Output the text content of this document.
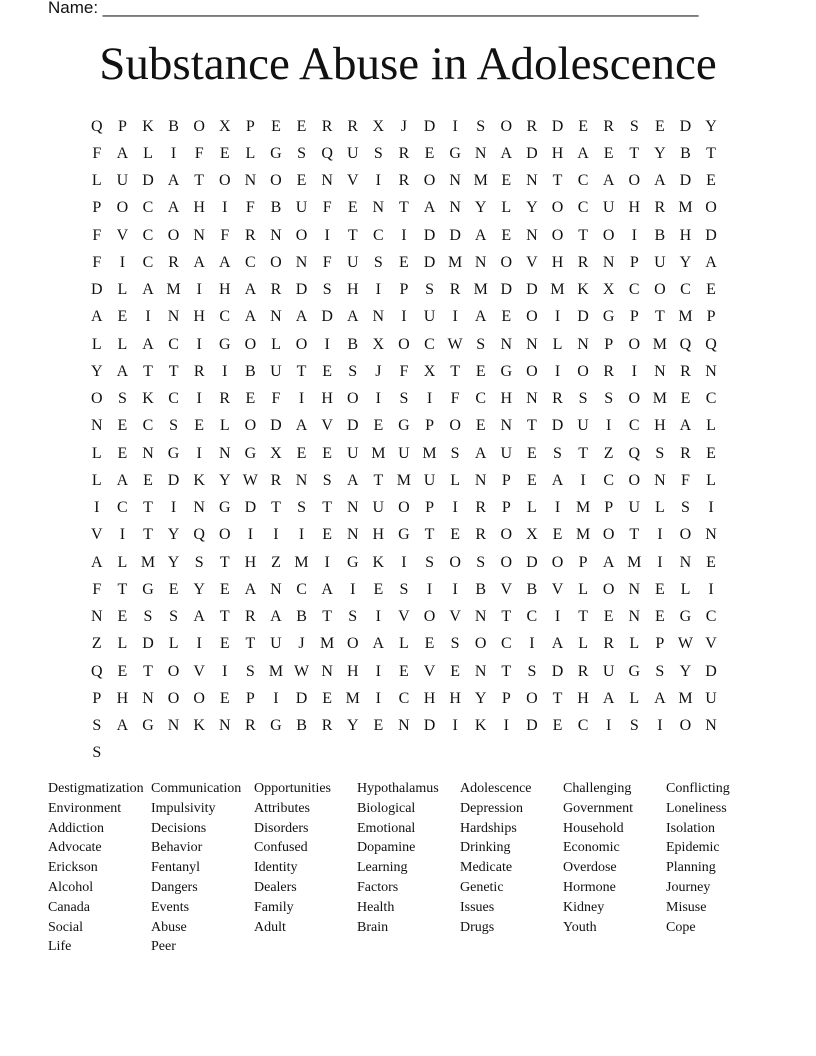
Name: _______________________________________________________________
Substance Abuse in Adolescence
Q P K B O X P	E E R R X	J	D	I	S O R D E R S	E D Y
F A L	I	F	E L G S Q U S R E G N A D H A E T Y B T
L U D A T O N O E N V	I	R O N M E N T C A O A D E
P O C A H	I	F B U F	E N T A N Y L Y O C U H R M O
F V C O N F R N O	I	T C	I	D D A E N O T O	I	B H D
F	I	C R A A C O N F U S	E D M N O V H R N P U Y A
D L A M I	H A R D S H	I	P	S R M D D M K X C O C E
A E	I	N H C A N A D A N	I	U	I	A E O	I	D G P	T M P
L L A C	I	G O L O	I	B X O C W S N N L N P O M Q Q
Y A T T R	I	B U T E	S	J	F X T E G O	I	O R	I	N R N
O S K C	I	R E	F	I	H O	I	S	I	F C H N R S	S O M E C
N E C S	E L O D A V D E G P O E N T D U	I	C H A L
L E N G	I	N G X E E U M U M S A U E	S	T Z Q S R E
L A E D K Y W R N S A T M U L N P	E A	I	C O N F	L
I	C T	I	N G D T	S	T N U O P	I	R P	L	I M P U L	S	I
V	I	T Y Q O	I	I	I	E N H G T E R O X E M O T	I	O N
A L M Y S	T H Z M I	G K	I	S O S O D O P A M I	N E
F	T G E Y E A N C A	I	E	S	I	I	B V B V L O N E L	I
N E	S	S A T R A B T	S	I	V O V N T C	I	T E N E G C
Z L D L	I	E T U	J M O A L E	S O C	I	A L R L	P W V
Q E T O V	I	S M W N H	I	E V E N T	S D R U G S Y D
P H N O O E	P	I	D E M I	C H H Y P O T H A L A M U
S A G N K N R G B R Y E N D	I	K	I	D E C	I	S	I	O N
S
Destigmatization Communication Opportunities	Hypothalamus	Adolescence	Challenging	Conflicting
Environment	Impulsivity	Attributes	Biological	Depression	Government	Loneliness
Addiction	Decisions	Disorders	Emotional	Hardships	Household	Isolation
Advocate	Behavior	Confused	Dopamine	Drinking	Economic	Epidemic
Erickson	Fentanyl	Identity	Learning	Medicate	Overdose	Planning
Alcohol	Dangers	Dealers	Factors	Genetic	Hormone	Journey
Canada	Events	Family	Health	Issues	Kidney	Misuse
Social	Abuse	Adult	Brain	Drugs	Youth	Cope
Life	Peer
